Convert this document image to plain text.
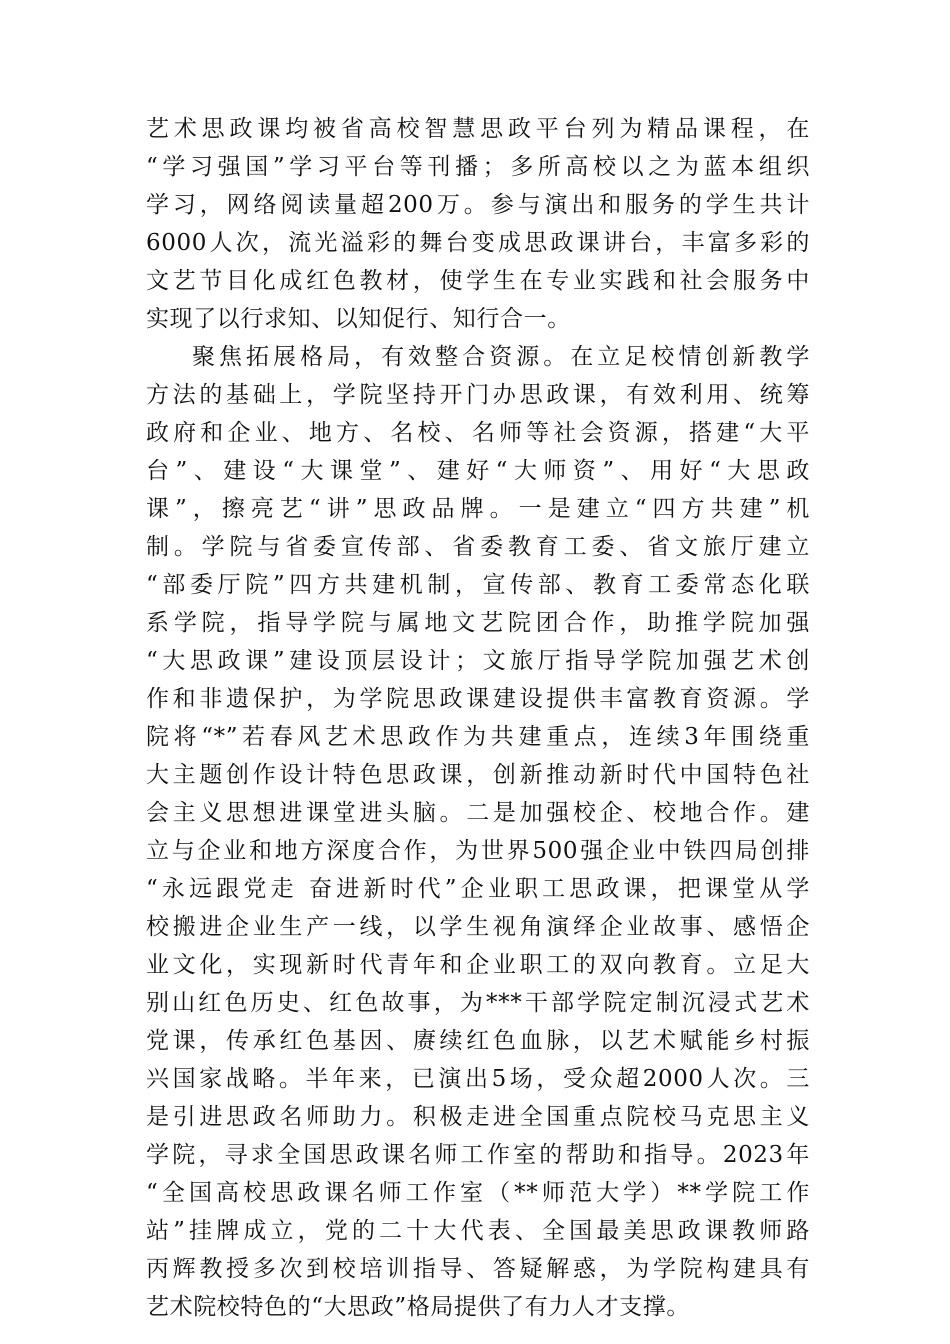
艺术思政课均被省高校智慧思政平台列为精品课程，在
“学习强国”学习平台等刊播；多所高校以之为蓝本组织
学习，网络阅读量超200万。参与演出和服务的学生共计
6000人次，流光溢彩的舞台变成思政课讲台，丰富多彩的
文艺节目化成红色教材，使学生在专业实践和社会服务中
实现了以行求知、以知促行、知行合一。
聚焦拓展格局，有效整合资源。在立足校情创新教学
方法的基础上，学院坚持开门办思政课，有效利用、统筹
政府和企业、地方、名校、名师等社会资源，搭建“大平
台”、建设“大课堂”、建好“大师资”、用好“大思政
课”，擦亮艺“讲”思政品牌。一是建立“四方共建”机
制。学院与省委宣传部、省委教育工委、省文旅厅建立
“部委厅院”四方共建机制，宣传部、教育工委常态化联
系学院，指导学院与属地文艺院团合作，助推学院加强
“大思政课”建设顶层设计；文旅厅指导学院加强艺术创
作和非遗保护，为学院思政课建设提供丰富教育资源。学
院将“*”若春风艺术思政作为共建重点，连续3年围绕重
大主题创作设计特色思政课，创新推动新时代中国特色社
会主义思想进课堂进头脑。二是加强校企、校地合作。建
立与企业和地方深度合作，为世界500强企业中铁四局创排
“永远跟党走 奋进新时代”企业职工思政课，把课堂从学
校搬进企业生产一线，以学生视角演绎企业故事、感悟企
业文化，实现新时代青年和企业职工的双向教育。立足大
别山红色历史、红色故事，为***干部学院定制沉浸式艺术
党课，传承红色基因、赓续红色血脉，以艺术赋能乡村振
兴国家战略。半年来，已演出5场，受众超2000人次。三
是引进思政名师助力。积极走进全国重点院校马克思主义
学院，寻求全国思政课名师工作室的帮助和指导。2023年
“全国高校思政课名师工作室（**师范大学）**学院工作
站”挂牌成立，党的二十大代表、全国最美思政课教师路
丙辉教授多次到校培训指导、答疑解惑，为学院构建具有
艺术院校特色的“大思政”格局提供了有力人才支撑。
